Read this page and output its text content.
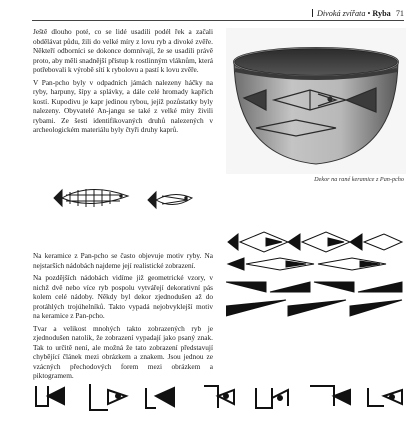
Divoká zvířata • Ryba 71

Ještě dlouho poté, co se lidé usadili podél řek a začali obdělávat půdu, žili do velké míry z lovu ryb a divoké zvěře. Někteří odborníci se dokonce domnívají, že se usadili právě proto, aby měli snadnější přístup k rostlinným vláknům, která potřebovali k výrobě sítí k rybolovu a pastí k lovu zvěře.

V Pan-pcho byly v odpadních jámách nalezeny háčky na ryby, harpuny, šípy a splávky, a dále celé hromady kapřích kostí. Kupodivu je kapr jedinou rybou, jejíž pozůstatky byly nalezeny. Obyvatelé An-jangu se také z velké míry živili rybami. Ze šesti identifikovaných druhů nalezených v archeologickém materiálu byly čtyři druhy kaprů.

Dekor na rané keramice z Pan-pcho

Na keramice z Pan-pcho se často objevuje motiv ryby. Na nejstarších nádobách najdeme její realistické zobrazení.

Na pozdějších nádobách vidíme již geometrické vzory, v nichž dvě nebo více ryb pospolu vytvářejí dekorativní pás kolem celé nádoby. Někdy byl dekor zjednodušen až do protáhlých trojúhelníků. Takto vypadá nejobvyklejší motiv na keramice z Pan-pcho.

Tvar a velikost mnohých takto zobrazených ryb je zjednodušen natolik, že zobrazení vypadají jako psaný znak. Tak to určitě není, ale možná že tato zobrazení představují chybějící článek mezi obrázkem a znakem. Jsou jednou ze vzácných přechodových forem mezi obrázkem a piktogramem.
